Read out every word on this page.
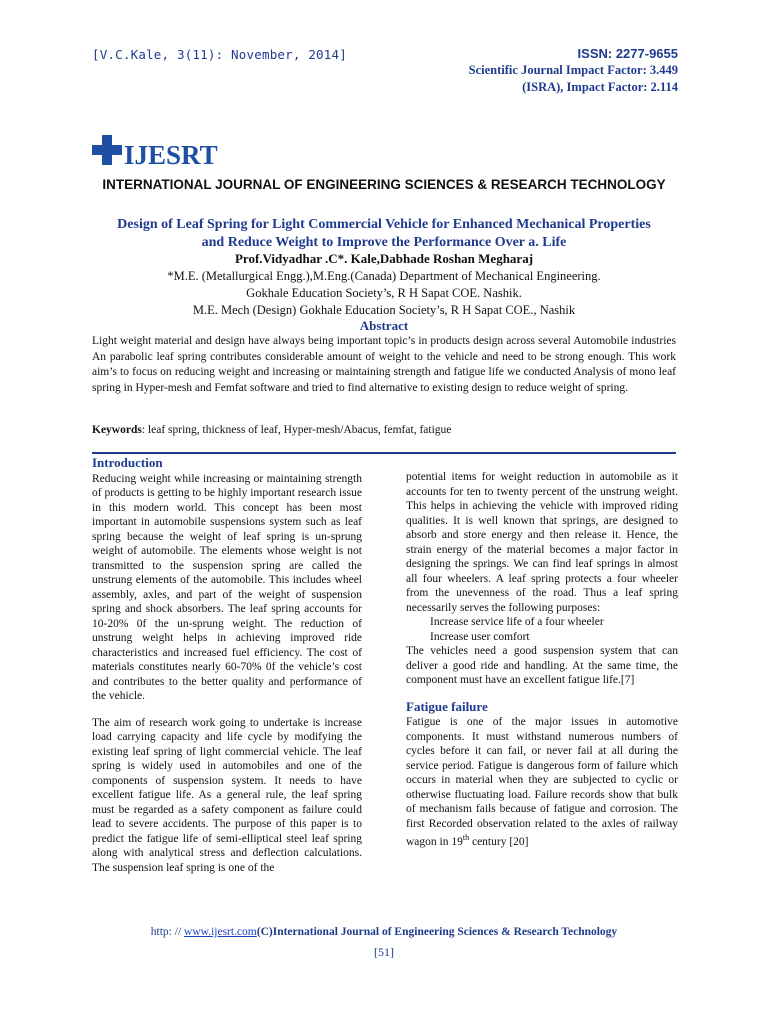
[V.C.Kale, 3(11): November, 2014]	ISSN: 2277-9655
Scientific Journal Impact Factor: 3.449
(ISRA), Impact Factor: 2.114
IJESRT
INTERNATIONAL JOURNAL OF ENGINEERING SCIENCES & RESEARCH TECHNOLOGY
Design of Leaf Spring for Light Commercial Vehicle for Enhanced Mechanical Properties
and Reduce Weight to Improve the Performance Over a. Life
Prof.Vidyadhar .C*. Kale,Dabhade Roshan Megharaj
*M.E. (Metallurgical Engg.),M.Eng.(Canada) Department of Mechanical Engineering.
Gokhale Education Society’s, R H Sapat COE. Nashik.
M.E. Mech (Design) Gokhale Education Society’s, R H Sapat COE., Nashik
Abstract
Light weight material and design have always being important topic’s in products design across several Automobile industries An parabolic leaf spring contributes considerable amount of weight to the vehicle and need to be strong enough. This work aim’s to focus on reducing weight and increasing or maintaining strength and fatigue life we conducted Analysis of mono leaf spring in Hyper-mesh and Femfat software and tried to find alternative to existing design to reduce weight of spring.
Keywords: leaf spring, thickness of leaf, Hyper-mesh/Abacus, femfat, fatigue
Introduction

Reducing weight while increasing or maintaining strength of products is getting to be highly important research issue in this modern world. This concept has been most important in automobile suspensions system such as leaf spring because the weight of leaf spring is un-sprung weight of automobile. The elements whose weight is not transmitted to the suspension spring are called the unstrung elements of the automobile. This includes wheel assembly, axles, and part of the weight of suspension spring and shock absorbers. The leaf spring accounts for 10-20% 0f the un-sprung weight. The reduction of unstrung weight helps in achieving improved ride characteristics and increased fuel efficiency. The cost of materials constitutes nearly 60-70% 0f the vehicle’s cost and contributes to the better quality and performance of the vehicle.

The aim of research work going to undertake is increase load carrying capacity and life cycle by modifying the existing leaf spring of light commercial vehicle. The leaf spring is widely used in automobiles and one of the components of suspension system. It needs to have excellent fatigue life. As a general rule, the leaf spring must be regarded as a safety component as failure could lead to severe accidents. The purpose of this paper is to predict the fatigue life of semi-elliptical steel leaf spring along with analytical stress and deflection calculations. The suspension leaf spring is one of the

potential items for weight reduction in automobile as it accounts for ten to twenty percent of the unstrung weight. This helps in achieving the vehicle with improved riding qualities. It is well known that springs, are designed to absorb and store energy and then release it. Hence, the strain energy of the material becomes a major factor in designing the springs. We can find leaf springs in almost all four wheelers. A leaf spring protects a four wheeler from the unevenness of the road. Thus a leaf spring necessarily serves the following purposes:

Increase service life of a four wheeler
Increase user comfort

The vehicles need a good suspension system that can deliver a good ride and handling. At the same time, the component must have an excellent fatigue life.[7]

Fatigue failure

Fatigue is one of the major issues in automotive components. It must withstand numerous numbers of cycles before it can fail, or never fail at all during the service period. Fatigue is dangerous form of failure which occurs in material when they are subjected to cyclic or otherwise fluctuating load. Failure records show that bulk of mechanism fails because of fatigue and corrosion. The first Recorded observation related to the axles of railway wagon in 19th century [20]

http: // www.ijesrt.com(C)International Journal of Engineering Sciences & Research Technology
[51]
